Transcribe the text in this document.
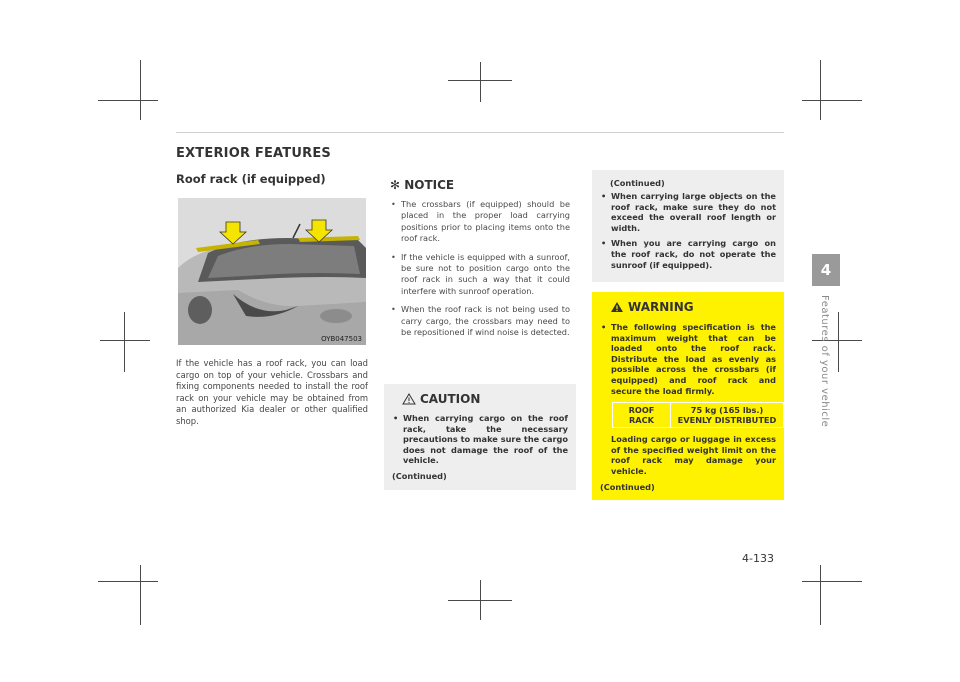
EXTERIOR FEATURES
Roof rack (if equipped)
OYB047503

If the vehicle has a roof rack, you can load cargo on top of your vehicle. Crossbars and fixing components needed to install the roof rack on your vehicle may be obtained from an authorized Kia dealer or other qualified shop.

✻ NOTICE
• The crossbars (if equipped) should be placed in the proper load carrying positions prior to placing items onto the roof rack.
• If the vehicle is equipped with a sunroof, be sure not to position cargo onto the roof rack in such a way that it could interfere with sunroof operation.
• When the roof rack is not being used to carry cargo, the crossbars may need to be repositioned if wind noise is detected.
CAUTION
• When carrying cargo on the roof rack, take the necessary precautions to make sure the cargo does not damage the roof of the vehicle.
(Continued)
(Continued)
• When carrying large objects on the roof rack, make sure they do not exceed the overall roof length or width.
• When you are carrying cargo on the roof rack, do not operate the sunroof (if equipped).
WARNING
• The following specification is the maximum weight that can be loaded onto the roof rack. Distribute the load as evenly as possible across the crossbars (if equipped) and roof rack and secure the load firmly.
ROOF RACK	75 kg (165 lbs.) EVENLY DISTRIBUTED

Loading cargo or luggage in excess of the specified weight limit on the roof rack may damage your vehicle.

(Continued)
4
Features of your vehicle
4-133
